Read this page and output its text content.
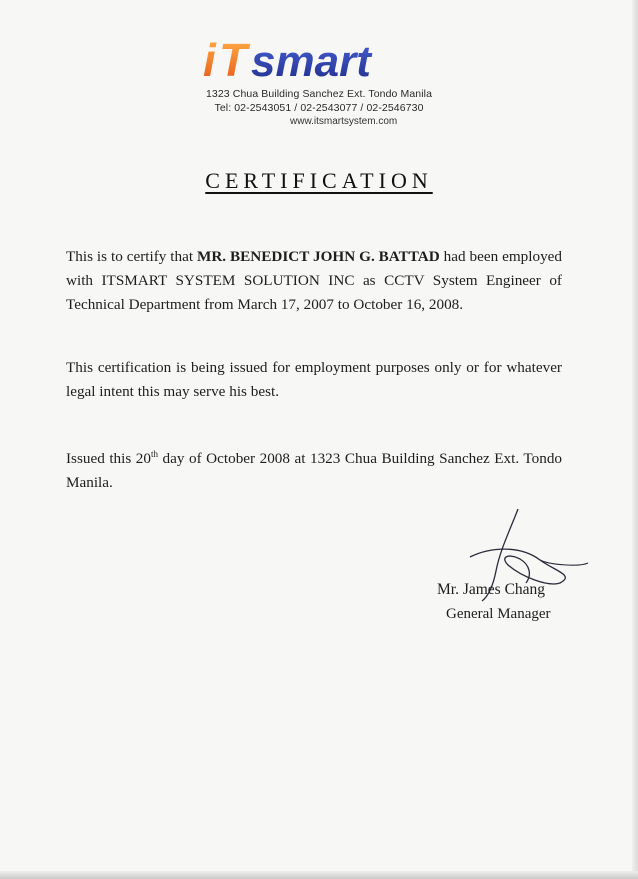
i T smart
1323 Chua Building Sanchez Ext. Tondo Manila
Tel: 02-2543051 / 02-2543077 / 02-2546730
www.itsmartsystem.com
CERTIFICATION
This is to certify that MR. BENEDICT JOHN G. BATTAD had been employed with ITSMART SYSTEM SOLUTION INC as CCTV System Engineer of Technical Department from March 17, 2007 to October 16, 2008.
This certification is being issued for employment purposes only or for whatever legal intent this may serve his best.
Issued this 20th day of October 2008 at 1323 Chua Building Sanchez Ext. Tondo Manila.
Mr. James Chang
General Manager
